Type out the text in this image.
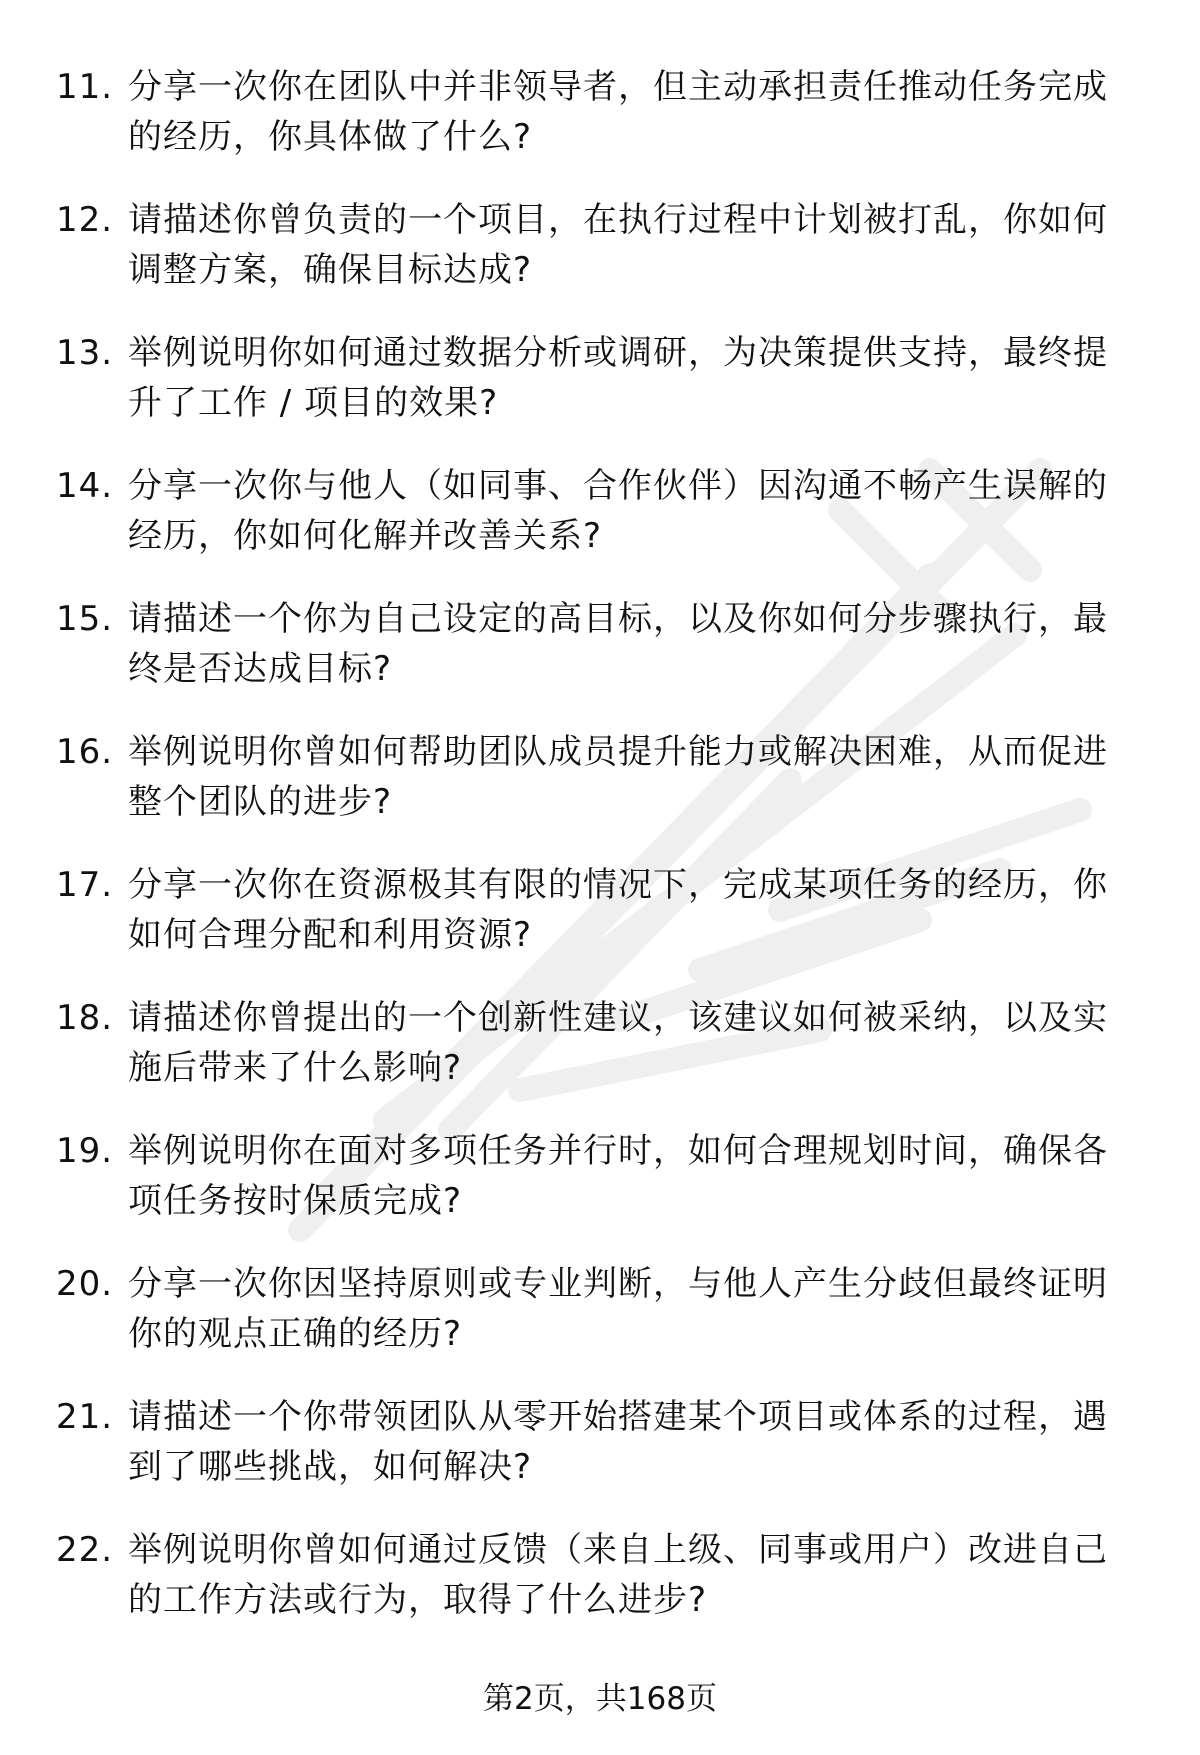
11. 分享一次你在团队中并非领导者，但主动承担责任推动任务完成的经历，你具体做了什么?
12. 请描述你曾负责的一个项目，在执行过程中计划被打乱，你如何调整方案，确保目标达成?
13. 举例说明你如何通过数据分析或调研，为决策提供支持，最终提升了工作 / 项目的效果?
14. 分享一次你与他人（如同事、合作伙伴）因沟通不畅产生误解的经历，你如何化解并改善关系?
15. 请描述一个你为自己设定的高目标，以及你如何分步骤执行，最终是否达成目标?
16. 举例说明你曾如何帮助团队成员提升能力或解决困难，从而促进整个团队的进步?
17. 分享一次你在资源极其有限的情况下，完成某项任务的经历，你如何合理分配和利用资源?
18. 请描述你曾提出的一个创新性建议，该建议如何被采纳，以及实施后带来了什么影响?
19. 举例说明你在面对多项任务并行时，如何合理规划时间，确保各项任务按时保质完成?
20. 分享一次你因坚持原则或专业判断，与他人产生分歧但最终证明你的观点正确的经历?
21. 请描述一个你带领团队从零开始搭建某个项目或体系的过程，遇到了哪些挑战，如何解决?
22. 举例说明你曾如何通过反馈（来自上级、同事或用户）改进自己的工作方法或行为，取得了什么进步?
第2页，共168页
